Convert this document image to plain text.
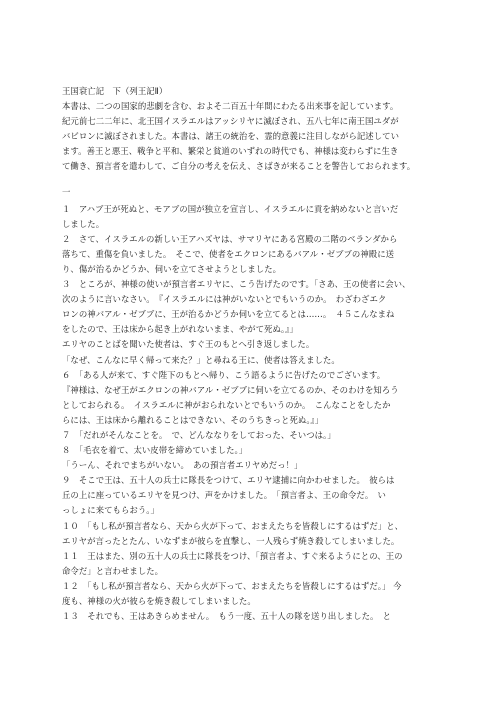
王国衰亡記　下（列王記Ⅱ）
本書は、二つの国家的悲劇を含む、およそ二百五十年間にわたる出来事を記しています。
紀元前七二二年に、北王国イスラエルはアッシリヤに滅ぼされ、五八七年に南王国ユダが
バビロンに滅ぼされました。本書は、諸王の統治を、霊的意義に注目しながら記述してい
ます。善王と悪王、戦争と平和、繁栄と貧道のいずれの時代でも、神様は変わらずに生き
て働き、預言者を遣わして、ご自分の考えを伝え、さばきが来ることを警告しておられます。
一
１　アハブ王が死ぬと、モアブの国が独立を宣言し、イスラエルに貢を納めないと言いだ
しました。
２　さて、イスラエルの新しい王アハズヤは、サマリヤにある宮殿の二階のベランダから
落ちて、重傷を負いました。　そこで、使者をエクロンにあるバアル・ゼブブの神殿に送
り、傷が治るかどうか、伺いを立てさせようとしました。
３　ところが、神様の使いが預言者エリヤに、こう告げたのです。「さあ、王の使者に会い、
次のように言いなさい。　『イスラエルには神がいないとでもいうのか。　わざわざエク
ロンの神バアル・ゼブブに、王が治るかどうか伺いを立てるとは……。　４５こんなまね
をしたので、王は床から起き上がれないまま、やがて死ぬ。』」
エリヤのことばを聞いた使者は、すぐ王のもとへ引き返しました。
「なぜ、こんなに早く帰って来た？」と尋ねる王に、使者は答えました。
６　「ある人が来て、すぐ陛下のもとへ帰り、こう語るように告げたのでございます。
『神様は、なぜ王がエクロンの神バアル・ゼブブに伺いを立てるのか、そのわけを知ろう
としておられる。　イスラエルに神がおられないとでもいうのか。　こんなことをしたか
らには、王は床から離れることはできない、そのうちきっと死ぬ。』」
７　「だれがそんなことを。　で、どんななりをしておった、そいつは。」
８　「毛衣を着て、太い皮帯を締めていました。」
「うーん、それでまちがいない。　あの預言者エリヤめだっ！」
９　そこで王は、五十人の兵士に隊長をつけて、エリヤ逮捕に向かわせました。　彼らは
丘の上に座っているエリヤを見つけ、声をかけました。　「預言者よ、王の命令だ。　い
っしょに来てもらおう。」
１０　「もし私が預言者なら、天から火が下って、おまえたちを皆殺しにするはずだ」と、
エリヤが言ったとたん、いなずまが彼らを直撃し、一人残らず焼き殺してしまいました。
１１　王はまた、別の五十人の兵士に隊長をつけ、「預言者よ、すぐ来るようにとの、王の
命令だ」と言わせました。
１２　「もし私が預言者なら、天から火が下って、おまえたちを皆殺しにするはずだ。」 今
度も、神様の火が彼らを焼き殺してしまいました。
１３　それでも、王はあきらめません。　もう一度、五十人の隊を送り出しました。　と
